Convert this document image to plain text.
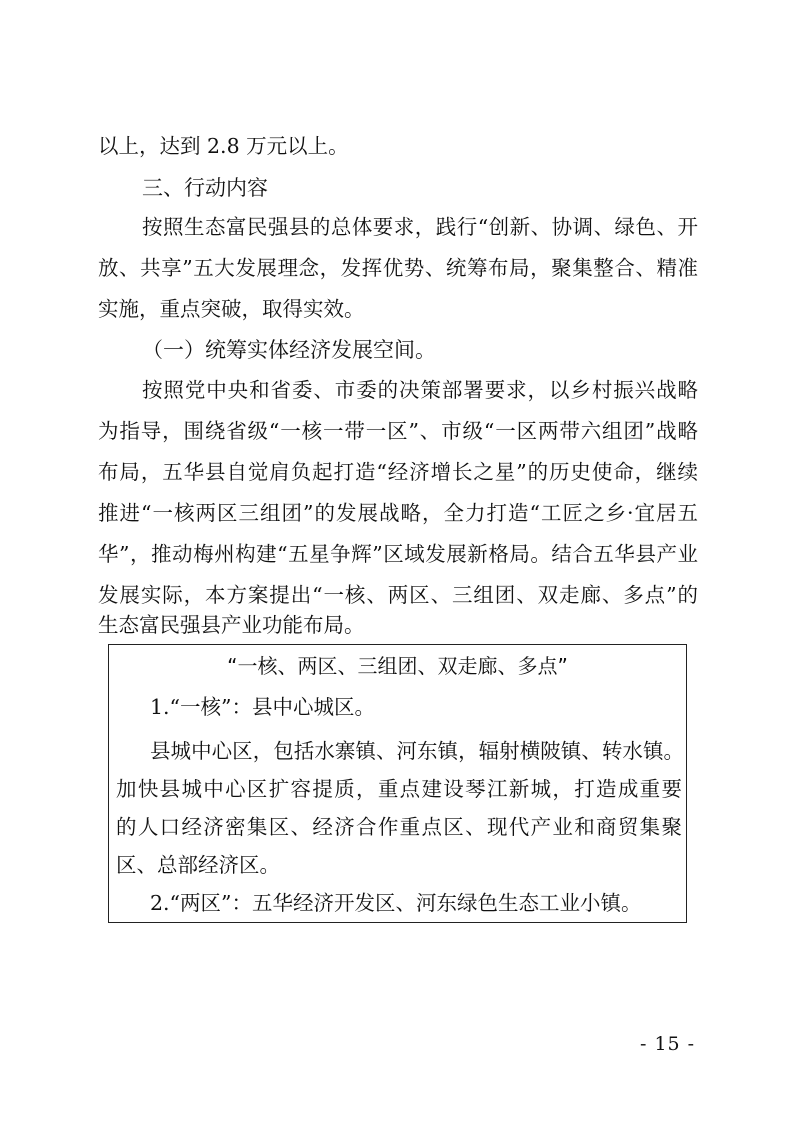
以上，达到 2.8 万元以上。
三、行动内容
按照生态富民强县的总体要求，践行“创新、协调、绿色、开
放、共享”五大发展理念，发挥优势、统筹布局，聚集整合、精准
实施，重点突破，取得实效。
（一）统筹实体经济发展空间。
按照党中央和省委、市委的决策部署要求，以乡村振兴战略
为指导，围绕省级“一核一带一区”、市级“一区两带六组团”战略
布局，五华县自觉肩负起打造“经济增长之星”的历史使命，继续
推进“一核两区三组团”的发展战略，全力打造“工匠之乡·宜居五
华”，推动梅州构建“五星争辉”区域发展新格局。结合五华县产业
发展实际，本方案提出“一核、两区、三组团、双走廊、多点”的
生态富民强县产业功能布局。
“一核、两区、三组团、双走廊、多点”
1.“一核”：县中心城区。
县城中心区，包括水寨镇、河东镇，辐射横陂镇、转水镇。
加快县城中心区扩容提质，重点建设琴江新城，打造成重要
的人口经济密集区、经济合作重点区、现代产业和商贸集聚
区、总部经济区。
2.“两区”：五华经济开发区、河东绿色生态工业小镇。
- 15 -
